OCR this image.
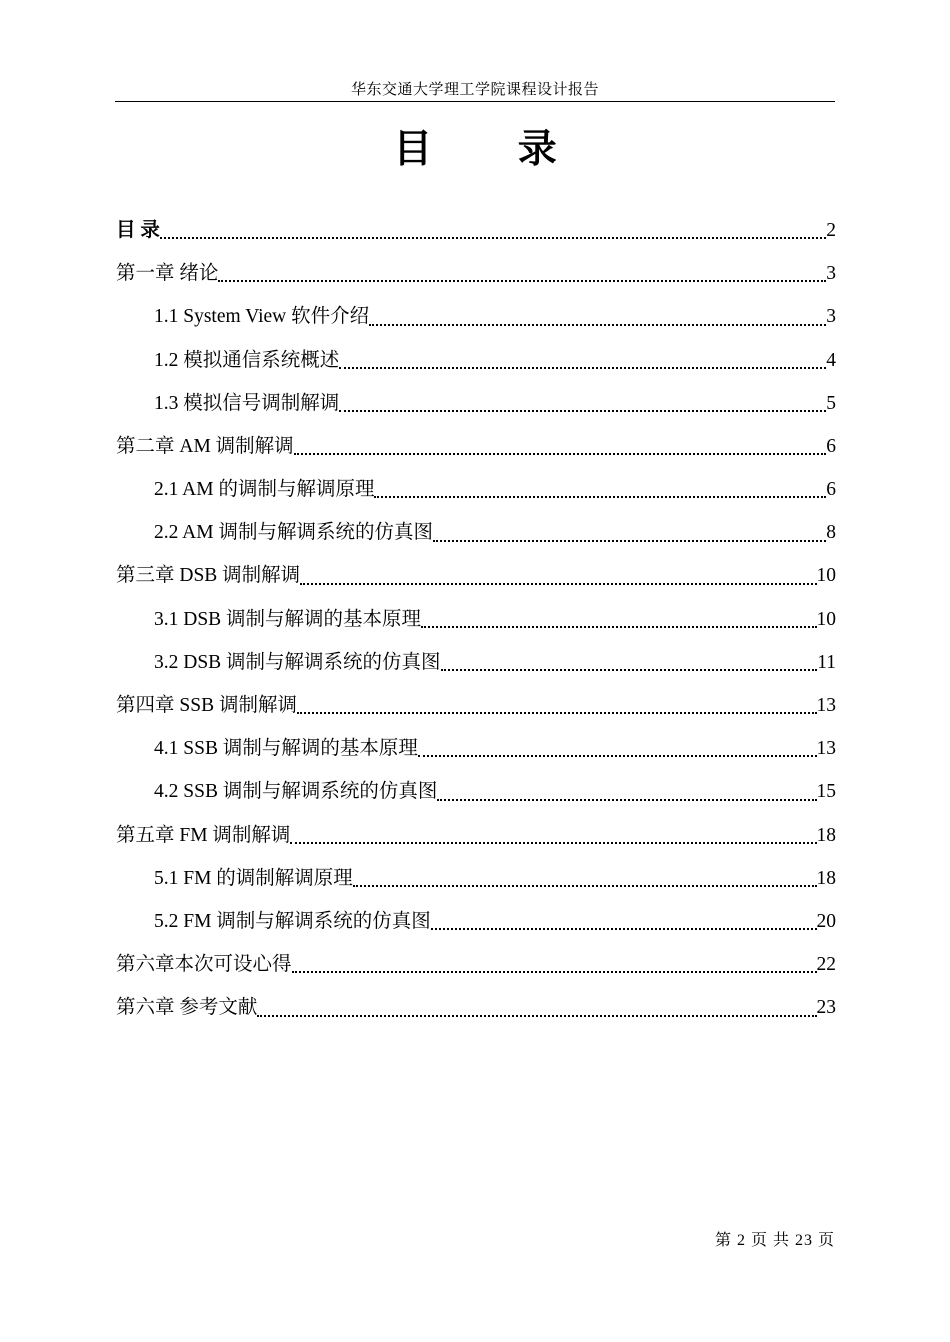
华东交通大学理工学院课程设计报告
目 录
目 录	2
第一章 绪论	3
1.1 System View 软件介绍	3
1.2 模拟通信系统概述	4
1.3 模拟信号调制解调	5
第二章 AM 调制解调	6
2.1 AM 的调制与解调原理	6
2.2 AM 调制与解调系统的仿真图	8
第三章 DSB 调制解调	10
3.1 DSB 调制与解调的基本原理	10
3.2 DSB 调制与解调系统的仿真图	11
第四章 SSB 调制解调	13
4.1 SSB 调制与解调的基本原理	13
4.2 SSB 调制与解调系统的仿真图	15
第五章 FM 调制解调	18
5.1 FM 的调制解调原理	18
5.2 FM 调制与解调系统的仿真图	20
第六章本次可设心得	22
第六章 参考文献	23
第 2 页 共 23 页
